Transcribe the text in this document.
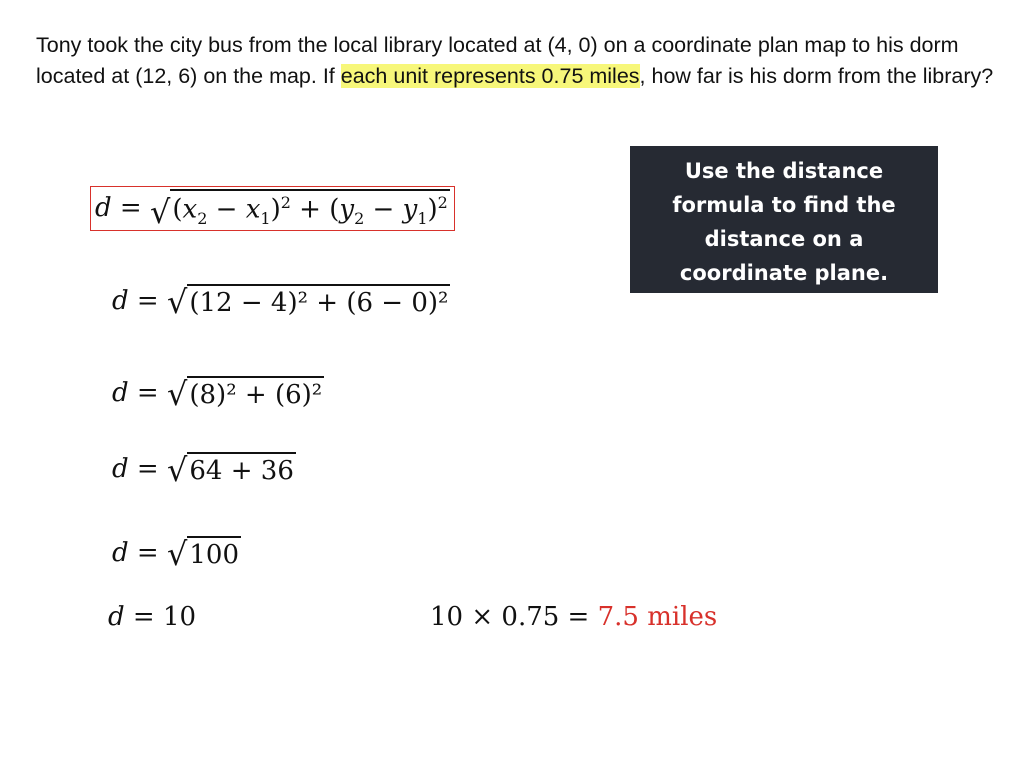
Tony took the city bus from the local library located at (4, 0) on a coordinate plan map to his dorm located at (12, 6) on the map. If each unit represents 0.75 miles, how far is his dorm from the library?
Use the distance formula to find the distance on a coordinate plane.
d
=
√ $(x_2 - x_1)^2 + (y_2 - y_1)^2$
d
=
√ (12 − 4)² + (6 − 0)²
d
=
√ (8)² + (6)²
d
=
√ 64 + 36
d
=
√ 100
d
=
10	10 × 0.75 =
7.5 miles
